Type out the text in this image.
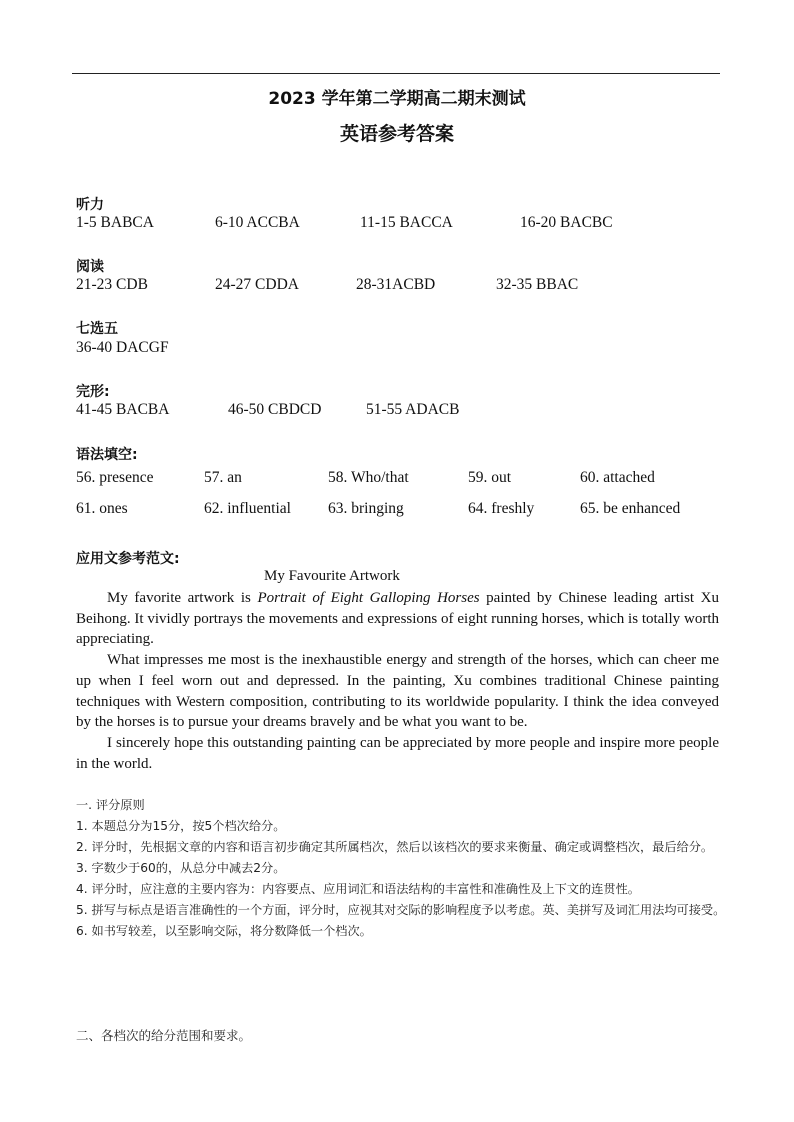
2023 学年第二学期高二期末测试
英语参考答案
听力
1-5 BABCA	6-10 ACCBA	11-15 BACCA	16-20 BACBC
阅读
21-23 CDB	24-27 CDDA	28-31ACBD	32-35 BBAC
七选五
36-40 DACGF
完形:
41-45 BACBA	46-50 CBDCD	51-55 ADACB
语法填空:
56. presence	57. an	58. Who/that	59. out	60. attached
61. ones	62. influential 63. bringing	64. freshly	65. be enhanced
应用文参考范文:
My Favourite Artwork

My favorite artwork is Portrait of Eight Galloping Horses painted by Chinese leading artist Xu Beihong. It vividly portrays the movements and expressions of eight running horses, which is totally worth appreciating.

What impresses me most is the inexhaustible energy and strength of the horses, which can cheer me up when I feel worn out and depressed. In the painting, Xu combines traditional Chinese painting techniques with Western composition, contributing to its worldwide popularity. I think the idea conveyed by the horses is to pursue your dreams bravely and be what you want to be.

I sincerely hope this outstanding painting can be appreciated by more people and inspire more people in the world.

一. 评分原则
1. 本题总分为15分，按5个档次给分。
2. 评分时，先根据文章的内容和语言初步确定其所属档次，然后以该档次的要求来衡量、确定或调整档次，最后给分。
3. 字数少于60的，从总分中减去2分。
4. 评分时，应注意的主要内容为：内容要点、应用词汇和语法结构的丰富性和准确性及上下文的连贯性。
5. 拼写与标点是语言准确性的一个方面，评分时，应视其对交际的影响程度予以考虑。英、美拼写及词汇用法均可接受。
6. 如书写较差，以至影响交际，将分数降低一个档次。
二、各档次的给分范围和要求。
